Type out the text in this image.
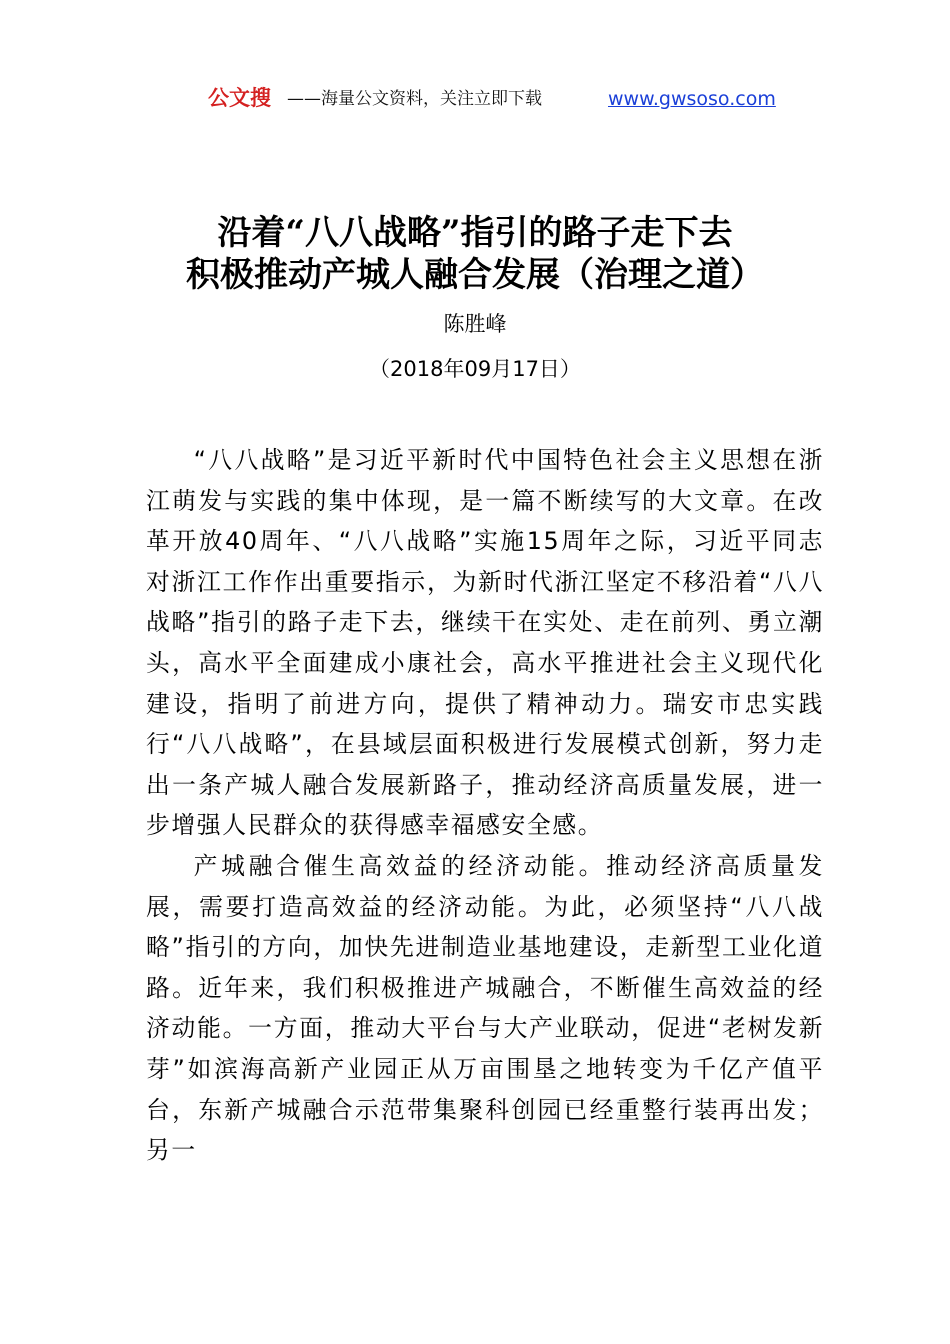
公文搜 ——海量公文资料，关注立即下载	www.gwsoso.com
沿着“八八战略”指引的路子走下去
积极推动产城人融合发展（治理之道）
陈胜峰
（2018年09月17日）

“八八战略”是习近平新时代中国特色社会主义思想在浙江萌发与实践的集中体现，是一篇不断续写的大文章。在改革开放40周年、“八八战略”实施15周年之际，习近平同志对浙江工作作出重要指示，为新时代浙江坚定不移沿着“八八战略”指引的路子走下去，继续干在实处、走在前列、勇立潮头，高水平全面建成小康社会，高水平推进社会主义现代化建设，指明了前进方向，提供了精神动力。瑞安市忠实践行“八八战略”，在县域层面积极进行发展模式创新，努力走出一条产城人融合发展新路子，推动经济高质量发展，进一步增强人民群众的获得感幸福感安全感。

产城融合催生高效益的经济动能。推动经济高质量发展，需要打造高效益的经济动能。为此，必须坚持“八八战略”指引的方向，加快先进制造业基地建设，走新型工业化道路。近年来，我们积极推进产城融合，不断催生高效益的经济动能。一方面，推动大平台与大产业联动，促进“老树发新芽”如滨海高新产业园正从万亩围垦之地转变为千亿产值平台，东新产城融合示范带集聚科创园已经重整行装再出发；另一
